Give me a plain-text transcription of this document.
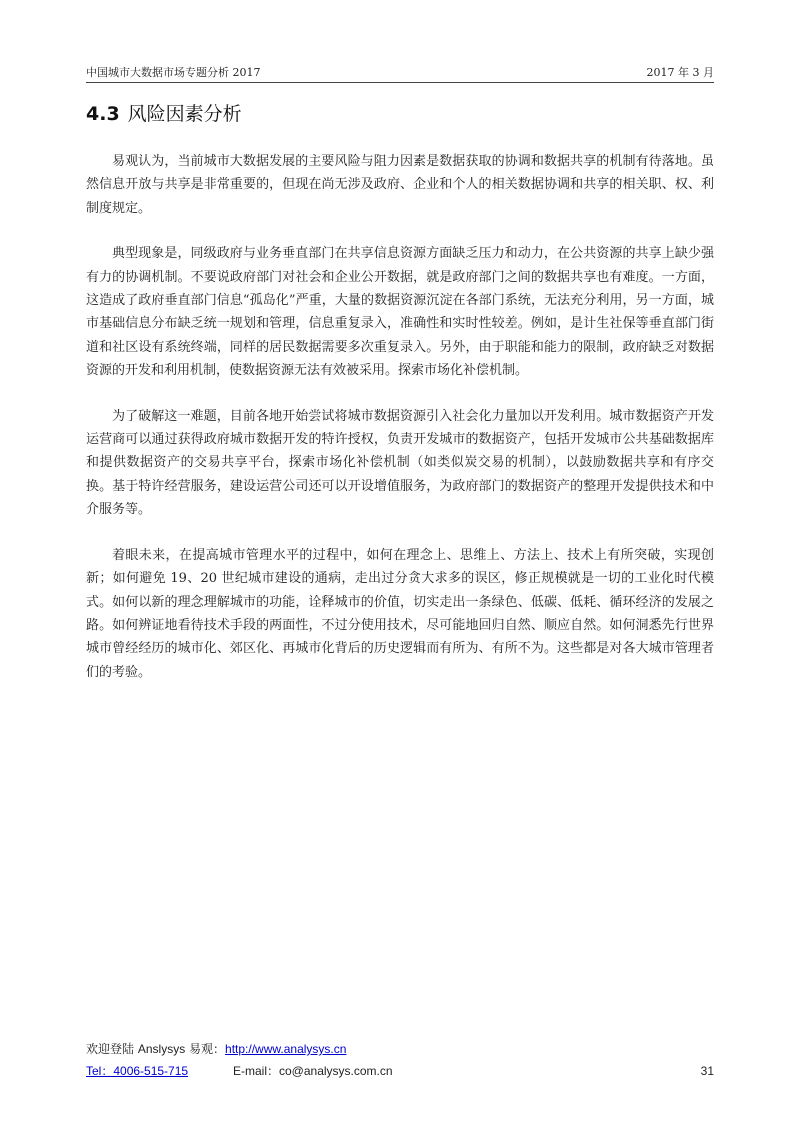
中国城市大数据市场专题分析 2017	2017 年 3 月
4.3 风险因素分析

易观认为，当前城市大数据发展的主要风险与阻力因素是数据获取的协调和数据共享的机制有待落地。虽然信息开放与共享是非常重要的，但现在尚无涉及政府、企业和个人的相关数据协调和共享的相关职、权、利制度规定。

典型现象是，同级政府与业务垂直部门在共享信息资源方面缺乏压力和动力，在公共资源的共享上缺少强有力的协调机制。不要说政府部门对社会和企业公开数据，就是政府部门之间的数据共享也有难度。一方面，这造成了政府垂直部门信息“孤岛化”严重，大量的数据资源沉淀在各部门系统，无法充分利用，另一方面，城市基础信息分布缺乏统一规划和管理，信息重复录入，准确性和实时性较差。例如，是计生社保等垂直部门街道和社区设有系统终端，同样的居民数据需要多次重复录入。另外，由于职能和能力的限制，政府缺乏对数据资源的开发和利用机制，使数据资源无法有效被采用。探索市场化补偿机制。

为了破解这一难题，目前各地开始尝试将城市数据资源引入社会化力量加以开发利用。城市数据资产开发运营商可以通过获得政府城市数据开发的特许授权，负责开发城市的数据资产，包括开发城市公共基础数据库和提供数据资产的交易共享平台，探索市场化补偿机制（如类似炭交易的机制），以鼓励数据共享和有序交换。基于特许经营服务，建设运营公司还可以开设增值服务，为政府部门的数据资产的整理开发提供技术和中介服务等。

着眼未来，在提高城市管理水平的过程中，如何在理念上、思维上、方法上、技术上有所突破，实现创新；如何避免 19、20 世纪城市建设的通病，走出过分贪大求多的误区，修正规模就是一切的工业化时代模式。如何以新的理念理解城市的功能，诠释城市的价值，切实走出一条绿色、低碳、低耗、循环经济的发展之路。如何辨证地看待技术手段的两面性，不过分使用技术，尽可能地回归自然、顺应自然。如何洞悉先行世界城市曾经经历的城市化、郊区化、再城市化背后的历史逻辑而有所为、有所不为。这些都是对各大城市管理者们的考验。

欢迎登陆 Anslysys 易观：http://www.analysys.cn
Tel：4006-515-715	E-mail：co@analysys.com.cn	31
